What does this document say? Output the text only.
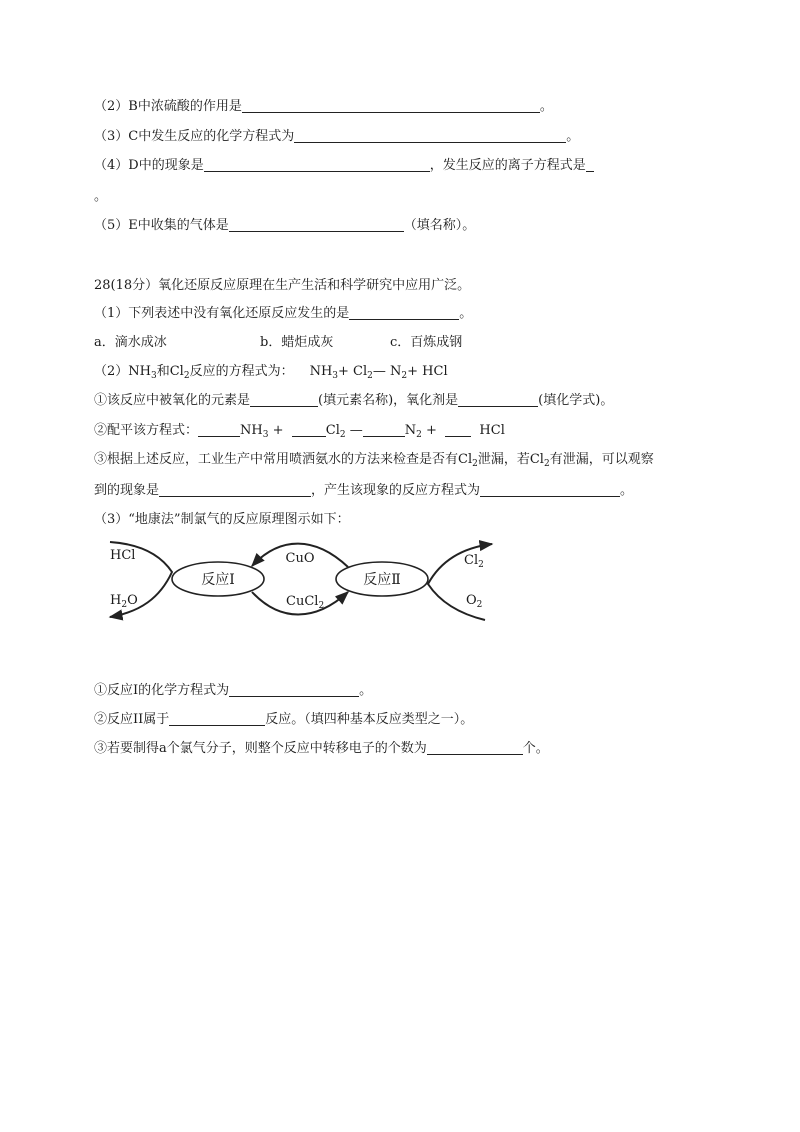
（2）B中浓硫酸的作用是	。
（3）C中发生反应的化学方程式为	。
（4）D中的现象是	，发生反应的离子方程式是
。
（5）E中收集的气体是	（填名称）。
28(18分）氧化还原反应原理在生产生活和科学研究中应用广泛。
（1）下列表述中没有氧化还原反应发生的是	。
a．滴水成冰	b．蜡炬成灰	c．百炼成钢
$(2)NH_3$和$Cl_2$反应的方程式为： $NH_3+$ $Cl_2—$ $N_2+$ HCl
①该反应中被氧化的元素是	(填元素名称)，氧化剂是	(填化学式)。
②配平该方程式：	$NH_3$ +	$Cl_2$ —	$N_2$ +	HCl
③根据上述反应，工业生产中常用喷洒氨水的方法来检查是否有$Cl_2$泄漏，若$Cl_2$有泄漏，可以观察
到的现象是	，产生该现象的反应方程式为	。
（3）“地康法”制氯气的反应原理图示如下：
反应Ⅰ	反应Ⅱ
HCl
$H_2O$
CuO
CuCl$_2$
$Cl_2$
$O_2$
①反应Ⅰ的化学方程式为	。
②反应II属于	反应。（填四种基本反应类型之一）。
③若要制得a个氯气分子，则整个反应中转移电子的个数为	个。
